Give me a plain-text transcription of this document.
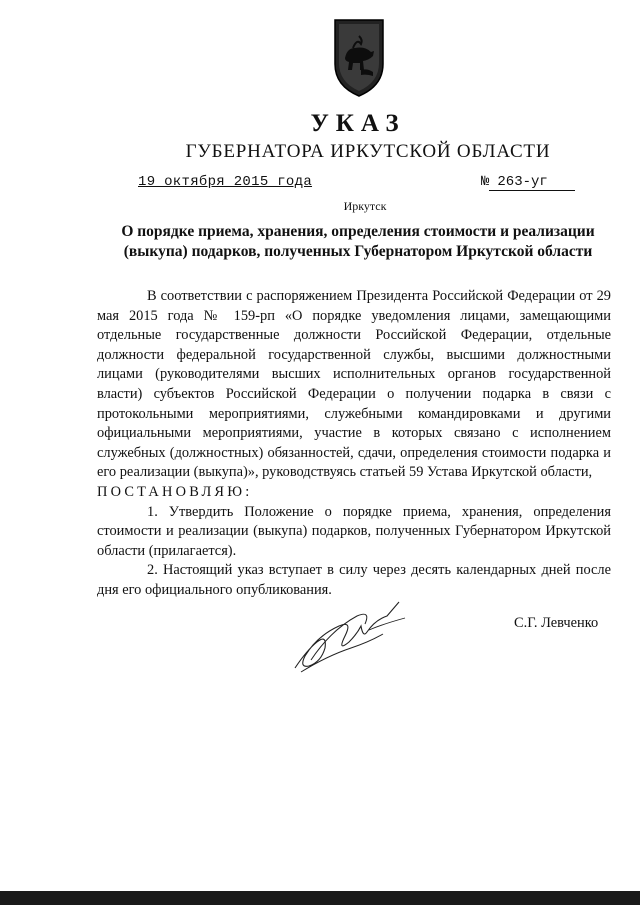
УКАЗ
ГУБЕРНАТОРА ИРКУТСКОЙ ОБЛАСТИ
19 октября 2015 года	№ 263-уг
Иркутск
О порядке приема, хранения, определения стоимости и реализации (выкупа) подарков, полученных Губернатором Иркутской области

В соответствии с распоряжением Президента Российской Федерации от 29 мая 2015 года № 159-рп «О порядке уведомления лицами, замещающими отдельные государственные должности Российской Федерации, отдельные должности федеральной государственной службы, высшими должностными лицами (руководителями высших исполнительных органов государственной власти) субъектов Российской Федерации о получении подарка в связи с протокольными мероприятиями, служебными командировками и другими официальными мероприятиями, участие в которых связано с исполнением служебных (должностных) обязанностей, сдачи, определения стоимости подарка и его реализации (выкупа)», руководствуясь статьей 59 Устава Иркутской области,

ПОСТАНОВЛЯЮ:

1. Утвердить Положение о порядке приема, хранения, определения стоимости и реализации (выкупа) подарков, полученных Губернатором Иркутской области (прилагается).

2. Настоящий указ вступает в силу через десять календарных дней после дня его официального опубликования.

С.Г. Левченко
